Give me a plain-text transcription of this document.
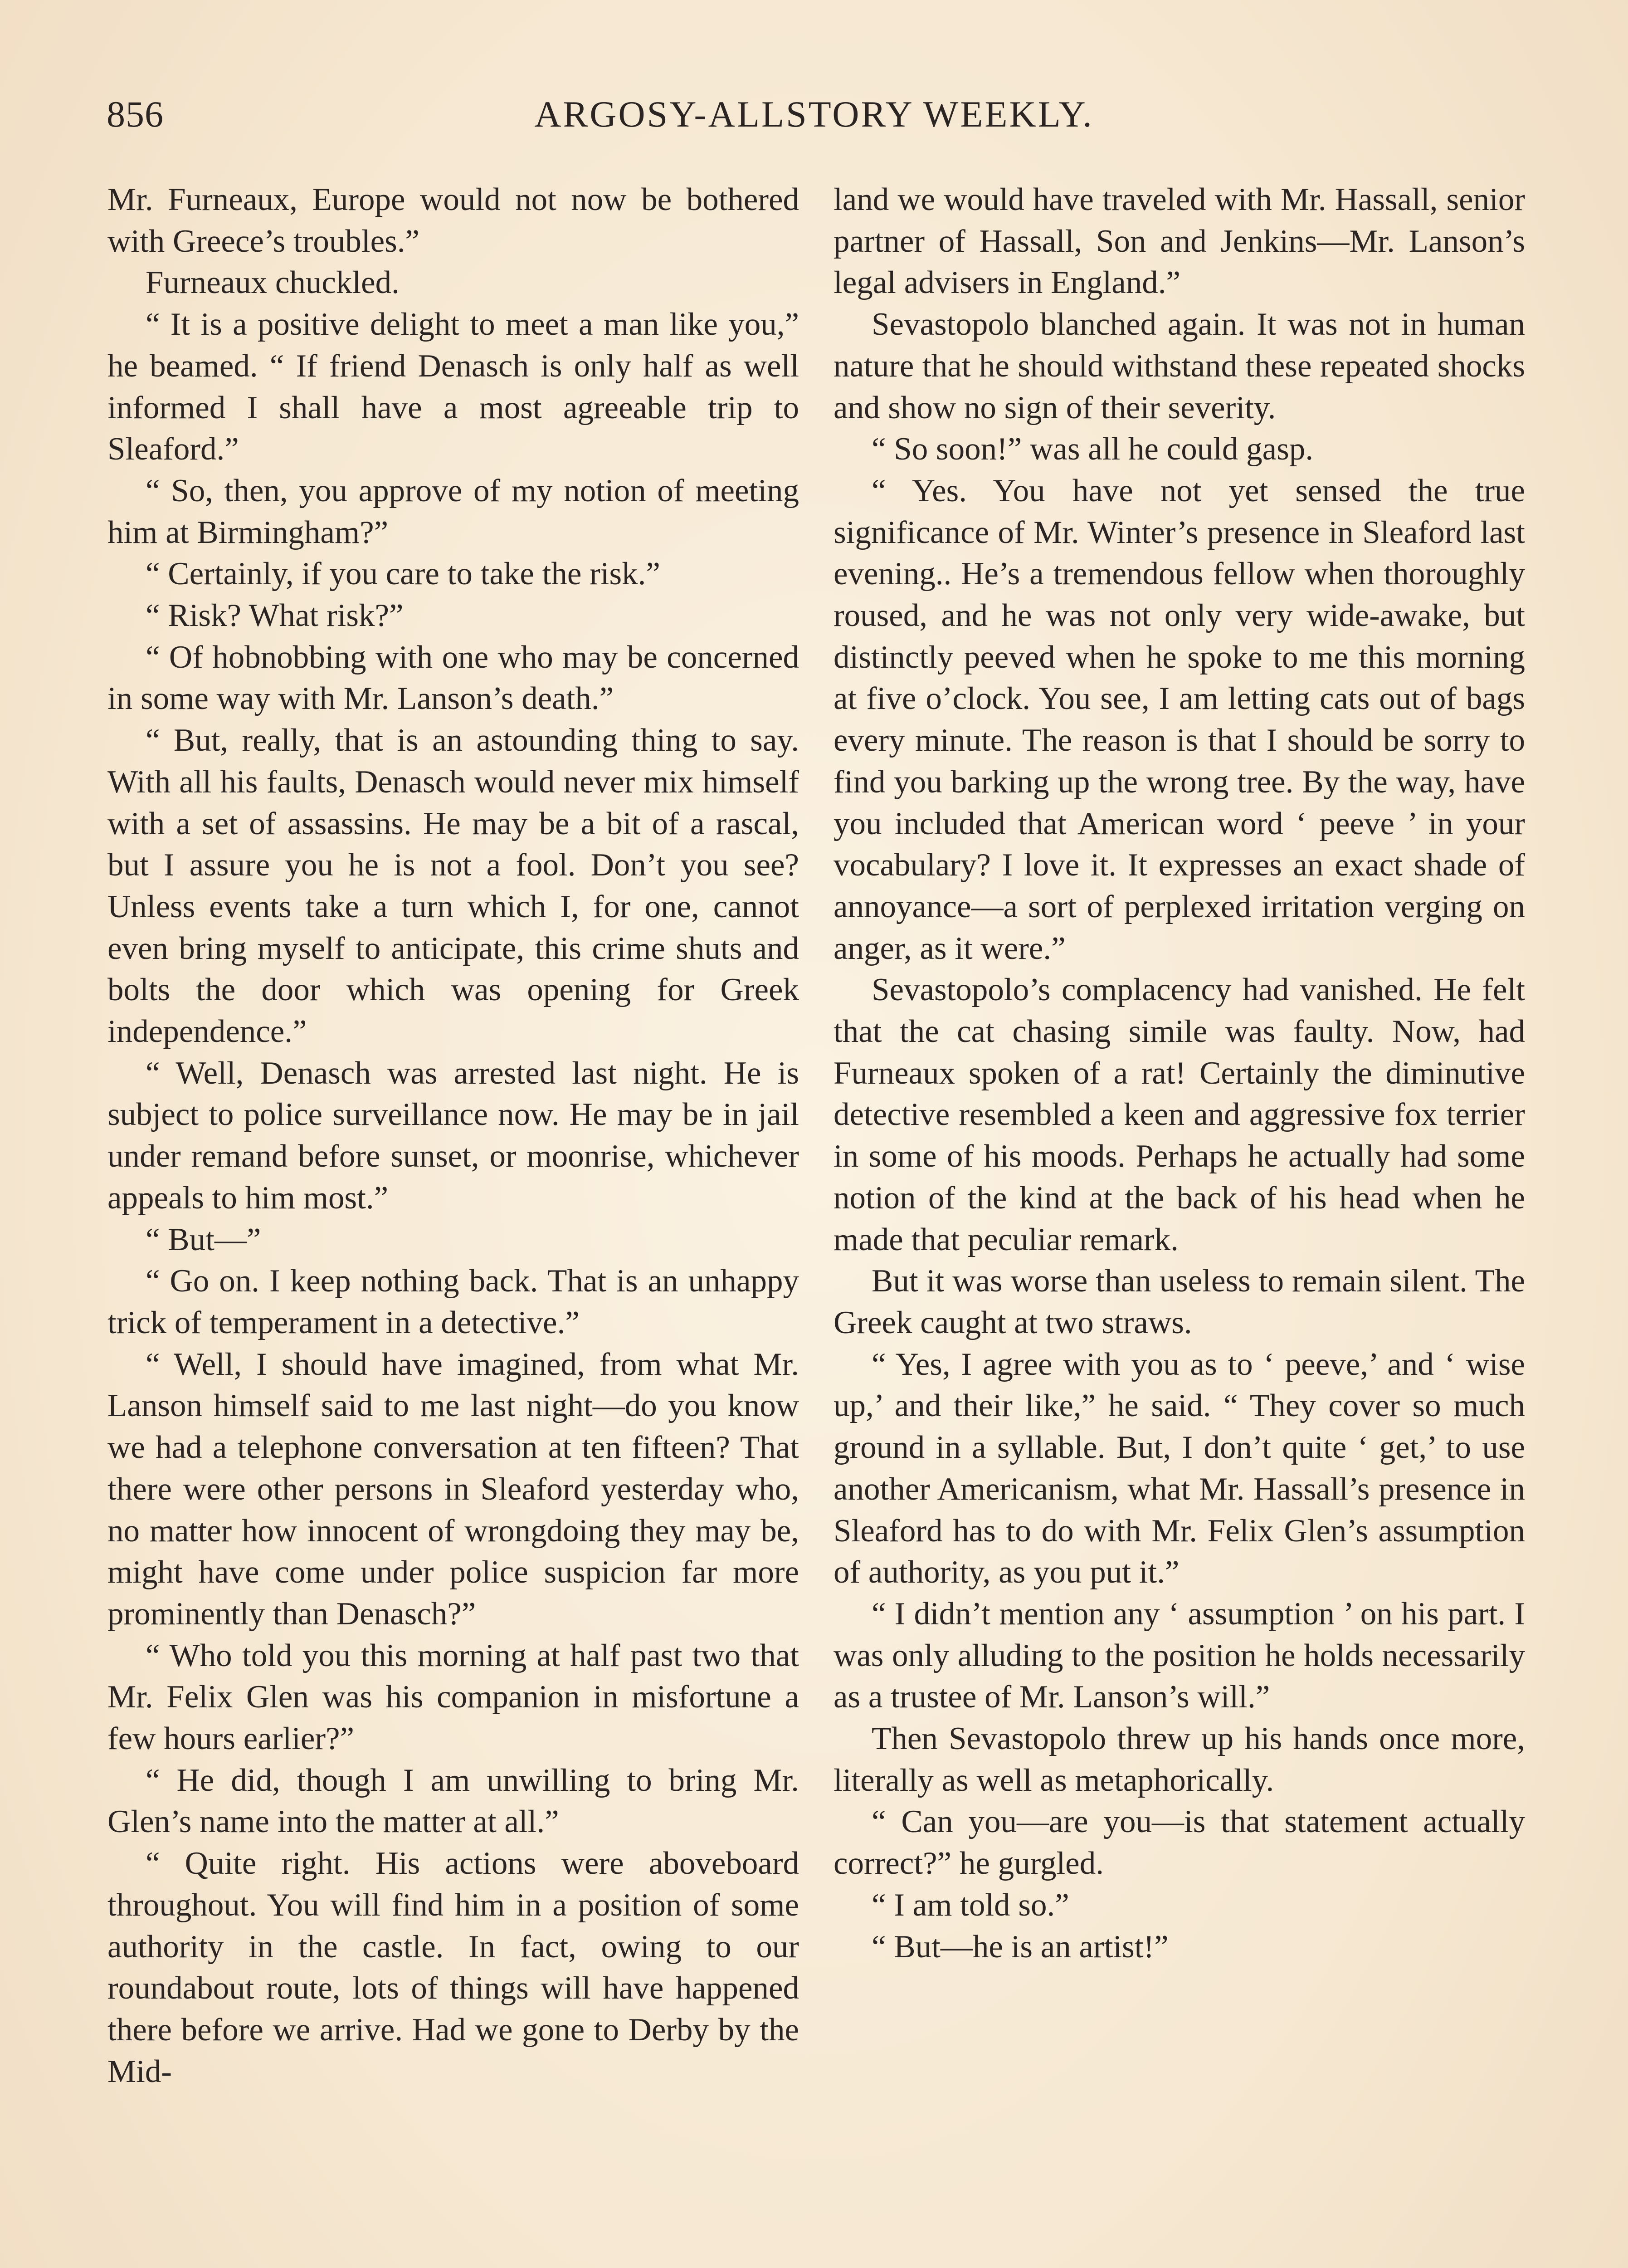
856	ARGOSY-ALLSTORY WEEKLY.

Mr. Furneaux, Europe would not now be bothered with Greece’s troubles.”

Furneaux chuckled.

“ It is a positive delight to meet a man like you,” he beamed. “ If friend Denasch is only half as well informed I shall have a most agreeable trip to Sleaford.”

“ So, then, you approve of my notion of meeting him at Birmingham?”

“ Certainly, if you care to take the risk.”

“ Risk? What risk?”

“ Of hobnobbing with one who may be concerned in some way with Mr. Lanson’s death.”

“ But, really, that is an astounding thing to say. With all his faults, Denasch would never mix himself with a set of assassins. He may be a bit of a rascal, but I assure you he is not a fool. Don’t you see? Unless events take a turn which I, for one, cannot even bring myself to anticipate, this crime shuts and bolts the door which was opening for Greek independence.”

“ Well, Denasch was arrested last night. He is subject to police surveillance now. He may be in jail under remand before sunset, or moonrise, whichever appeals to him most.”

“ But—”

“ Go on. I keep nothing back. That is an unhappy trick of temperament in a detective.”

“ Well, I should have imagined, from what Mr. Lanson himself said to me last night—do you know we had a telephone conversation at ten fifteen? That there were other persons in Sleaford yesterday who, no matter how innocent of wrongdoing they may be, might have come under police suspicion far more prominently than Denasch?”

“ Who told you this morning at half past two that Mr. Felix Glen was his companion in misfortune a few hours earlier?”

“ He did, though I am unwilling to bring Mr. Glen’s name into the matter at all.”

“ Quite right. His actions were aboveboard throughout. You will find him in a position of some authority in the castle. In fact, owing to our roundabout route, lots of things will have happened there before we arrive. Had we gone to Derby by the Mid-

land we would have traveled with Mr. Hassall, senior partner of Hassall, Son and Jenkins—Mr. Lanson’s legal advisers in England.”

Sevastopolo blanched again. It was not in human nature that he should withstand these repeated shocks and show no sign of their severity.

“ So soon!” was all he could gasp.

“ Yes. You have not yet sensed the true significance of Mr. Winter’s presence in Sleaford last evening.. He’s a tremendous fellow when thoroughly roused, and he was not only very wide-awake, but distinctly peeved when he spoke to me this morning at five o’clock. You see, I am letting cats out of bags every minute. The reason is that I should be sorry to find you barking up the wrong tree. By the way, have you included that American word ‘ peeve ’ in your vocabulary? I love it. It expresses an exact shade of annoyance—a sort of perplexed irritation verging on anger, as it were.”

Sevastopolo’s complacency had vanished. He felt that the cat chasing simile was faulty. Now, had Furneaux spoken of a rat! Certainly the diminutive detective resembled a keen and aggressive fox terrier in some of his moods. Perhaps he actually had some notion of the kind at the back of his head when he made that peculiar remark.

But it was worse than useless to remain silent. The Greek caught at two straws.

“ Yes, I agree with you as to ‘ peeve,’ and ‘ wise up,’ and their like,” he said. “ They cover so much ground in a syllable. But, I don’t quite ‘ get,’ to use another Americanism, what Mr. Hassall’s presence in Sleaford has to do with Mr. Felix Glen’s assumption of authority, as you put it.”

“ I didn’t mention any ‘ assumption ’ on his part. I was only alluding to the position he holds necessarily as a trustee of Mr. Lanson’s will.”

Then Sevastopolo threw up his hands once more, literally as well as metaphorically.

“ Can you—are you—is that statement actually correct?” he gurgled.

“ I am told so.”

“ But—he is an artist!”
